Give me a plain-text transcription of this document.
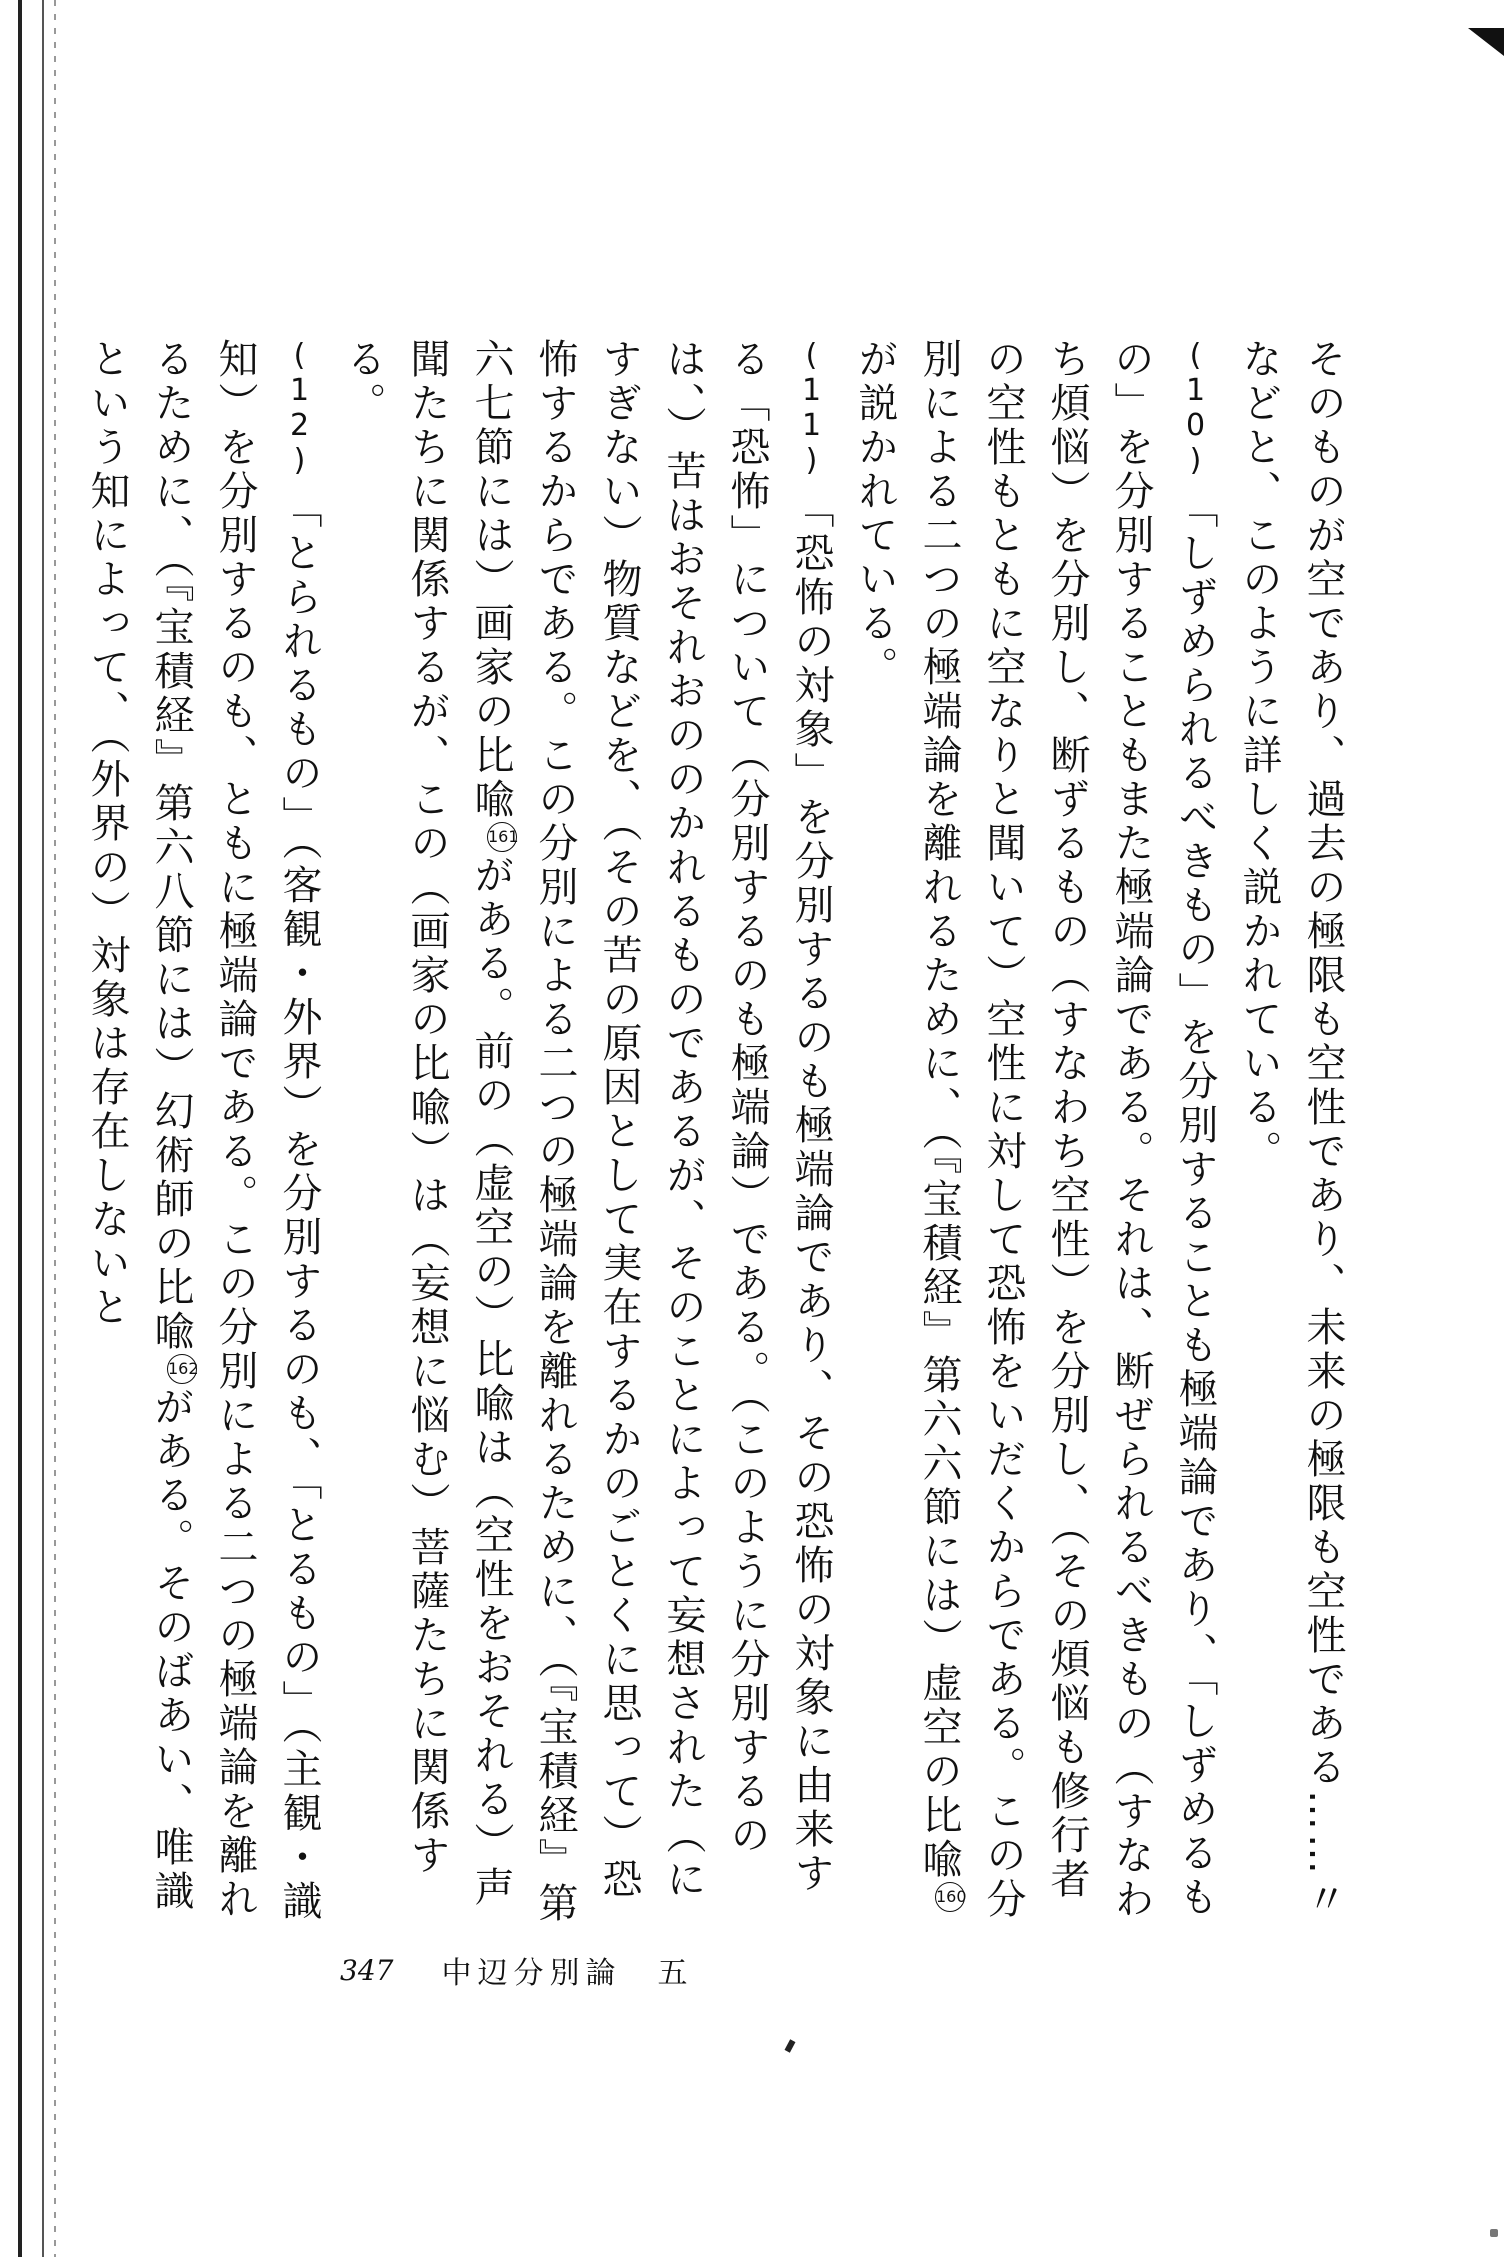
そのものが空であり、過去の極限も空性であり、未来の極限も空性である……〃などと、このように詳しく説かれている。

(10)「しずめられるべきもの」を分別することも極端論であり、「しずめるもの」を分別することもまた極端論である。それは、断ぜられるべきもの（すなわち煩悩）を分別し、断ずるもの（すなわち空性）を分別し、（その煩悩も修行者の空性もともに空なりと聞いて）空性に対して恐怖をいだくからである。この分別による二つの極端論を離れるために、（『宝積経』第六六節には）虚空の比喩160が説かれている。

(11)「恐怖の対象」を分別するのも極端論であり、その恐怖の対象に由来する「恐怖」について（分別するのも極端論）である。（このように分別するのは、）苦はおそれおののかれるものであるが、そのことによって妄想された（にすぎない）物質などを、（その苦の原因として実在するかのごとくに思って）恐怖するからである。この分別による二つの極端論を離れるために、（『宝積経』第六七節には）画家の比喩161がある。前の（虚空の）比喩は（空性をおそれる）声聞たちに関係するが、この（画家の比喩）は（妄想に悩む）菩薩たちに関係する。

(12)「とられるもの」（客観・外界）を分別するのも、「とるもの」（主観・識知）を分別するのも、ともに極端論である。この分別による二つの極端論を離れるために、（『宝積経』第六八節には）幻術師の比喩162がある。そのばあい、唯識という知によって、（外界の）対象は存在しないと

347 中辺分別論　五
